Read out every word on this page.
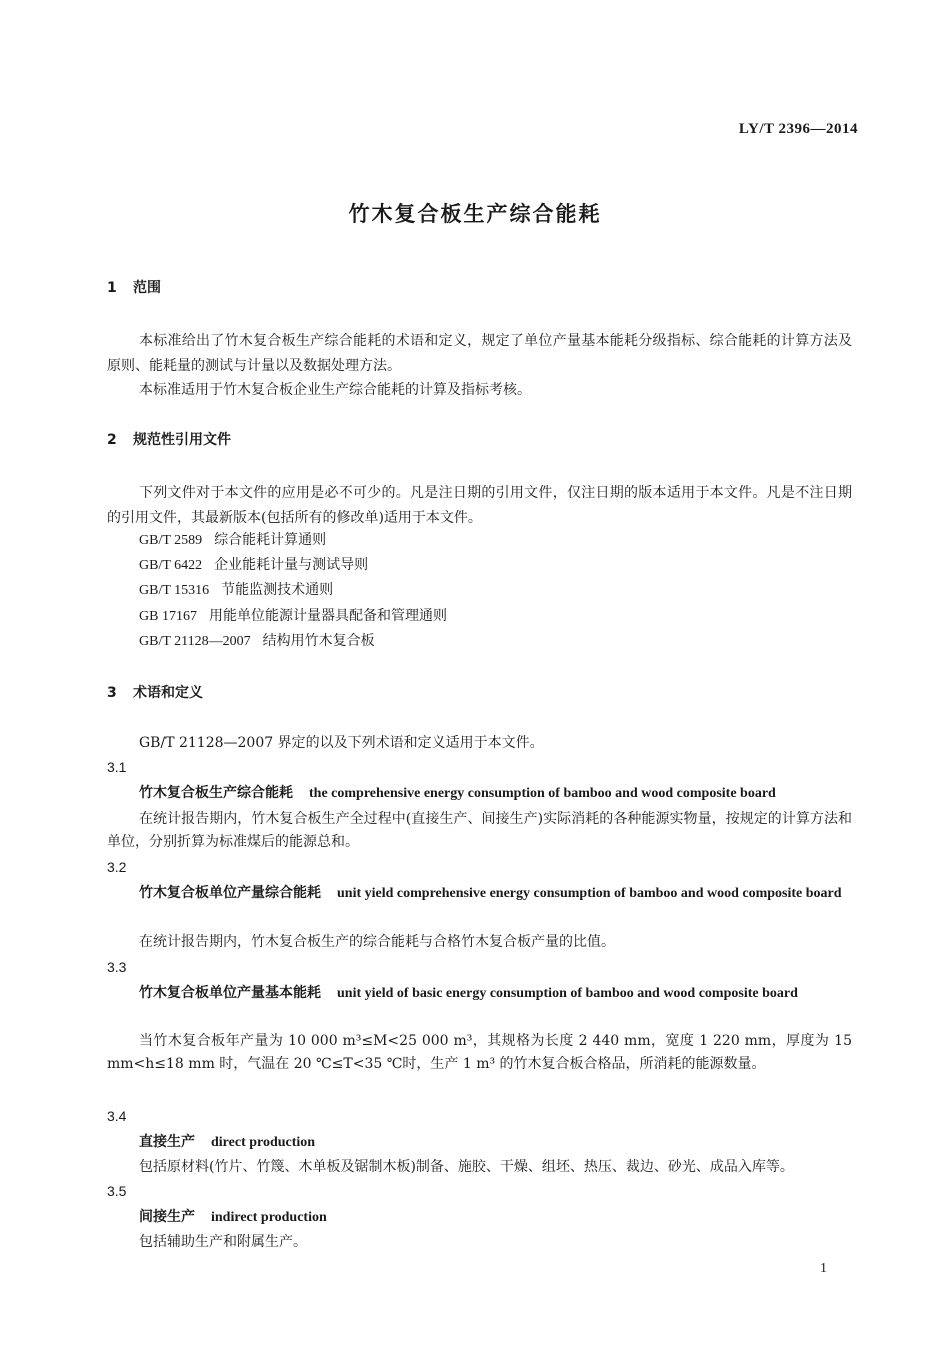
LY/T 2396—2014
竹木复合板生产综合能耗
1 范围
本标准给出了竹木复合板生产综合能耗的术语和定义，规定了单位产量基本能耗分级指标、综合能耗的计算方法及原则、能耗量的测试与计量以及数据处理方法。
本标准适用于竹木复合板企业生产综合能耗的计算及指标考核。
2 规范性引用文件
下列文件对于本文件的应用是必不可少的。凡是注日期的引用文件，仅注日期的版本适用于本文件。凡是不注日期的引用文件，其最新版本(包括所有的修改单)适用于本文件。
GB/T 2589 综合能耗计算通则
GB/T 6422 企业能耗计量与测试导则
GB/T 15316 节能监测技术通则
GB 17167 用能单位能源计量器具配备和管理通则
GB/T 21128—2007 结构用竹木复合板
3 术语和定义
GB/T 21128—2007 界定的以及下列术语和定义适用于本文件。
3.1
竹木复合板生产综合能耗 the comprehensive energy consumption of bamboo and wood composite board
在统计报告期内，竹木复合板生产全过程中(直接生产、间接生产)实际消耗的各种能源实物量，按规定的计算方法和单位，分别折算为标准煤后的能源总和。
3.2
竹木复合板单位产量综合能耗 unit yield comprehensive energy consumption of bamboo and wood composite board
在统计报告期内，竹木复合板生产的综合能耗与合格竹木复合板产量的比值。
3.3
竹木复合板单位产量基本能耗 unit yield of basic energy consumption of bamboo and wood composite board
当竹木复合板年产量为 10 000 m³≤M<25 000 m³，其规格为长度 2 440 mm，宽度 1 220 mm，厚度为 15 mm<h≤18 mm 时，气温在 20 ℃≤T<35 ℃时，生产 1 m³ 的竹木复合板合格品，所消耗的能源数量。
3.4
直接生产 direct production
包括原材料(竹片、竹篾、木单板及锯制木板)制备、施胶、干燥、组坯、热压、裁边、砂光、成品入库等。
3.5
间接生产 indirect production
包括辅助生产和附属生产。
1
